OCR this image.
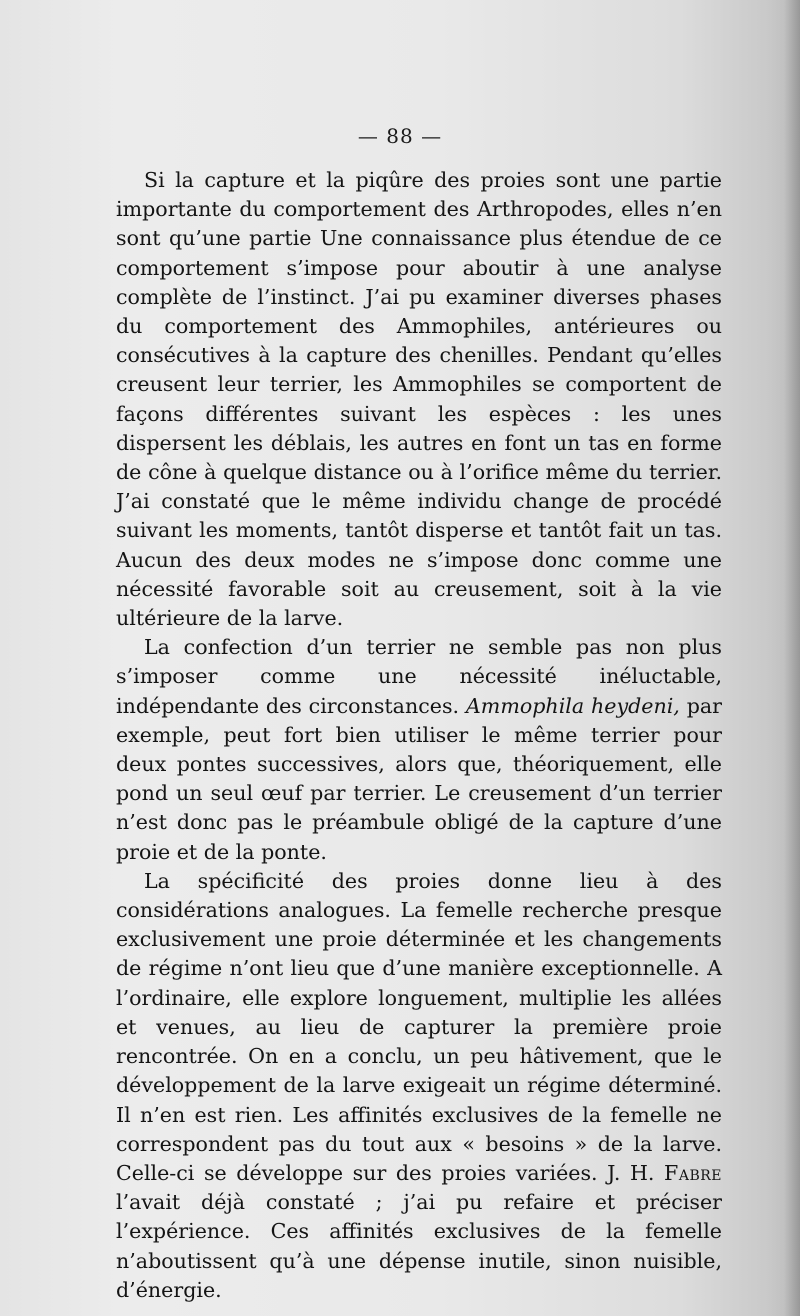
— 88 —

Si la capture et la piqûre des proies sont une partie importante du comportement des Arthropodes, elles n’en sont qu’une partie Une connaissance plus étendue de ce comportement s’impose pour aboutir à une analyse complète de l’instinct. J’ai pu examiner diverses phases du comportement des Ammophiles, antérieures ou consécutives à la capture des chenilles. Pendant qu’elles creusent leur terrier, les Ammophiles se comportent de façons différentes suivant les espèces : les unes dispersent les déblais, les autres en font un tas en forme de cône à quelque distance ou à l’orifice même du terrier. J’ai constaté que le même individu change de procédé suivant les moments, tantôt disperse et tantôt fait un tas. Aucun des deux modes ne s’impose donc comme une nécessité favorable soit au creusement, soit à la vie ultérieure de la larve.

La confection d’un terrier ne semble pas non plus s’imposer comme une nécessité inéluctable, indépendante des circonstances. Ammophila heydeni, par exemple, peut fort bien utiliser le même terrier pour deux pontes successives, alors que, théoriquement, elle pond un seul œuf par terrier. Le creusement d’un terrier n’est donc pas le préambule obligé de la capture d’une proie et de la ponte.

La spécificité des proies donne lieu à des considérations analogues. La femelle recherche presque exclusivement une proie déterminée et les changements de régime n’ont lieu que d’une manière exceptionnelle. A l’ordinaire, elle explore longuement, multiplie les allées et venues, au lieu de capturer la première proie rencontrée. On en a conclu, un peu hâtivement, que le développement de la larve exigeait un régime déterminé. Il n’en est rien. Les affinités exclusives de la femelle ne correspondent pas du tout aux « besoins » de la larve. Celle-ci se développe sur des proies variées. J. H. Fabre l’avait déjà constaté ; j’ai pu refaire et préciser l’expérience. Ces affinités exclusives de la femelle n’aboutissent qu’à une dépense inutile, sinon nuisible, d’énergie.
